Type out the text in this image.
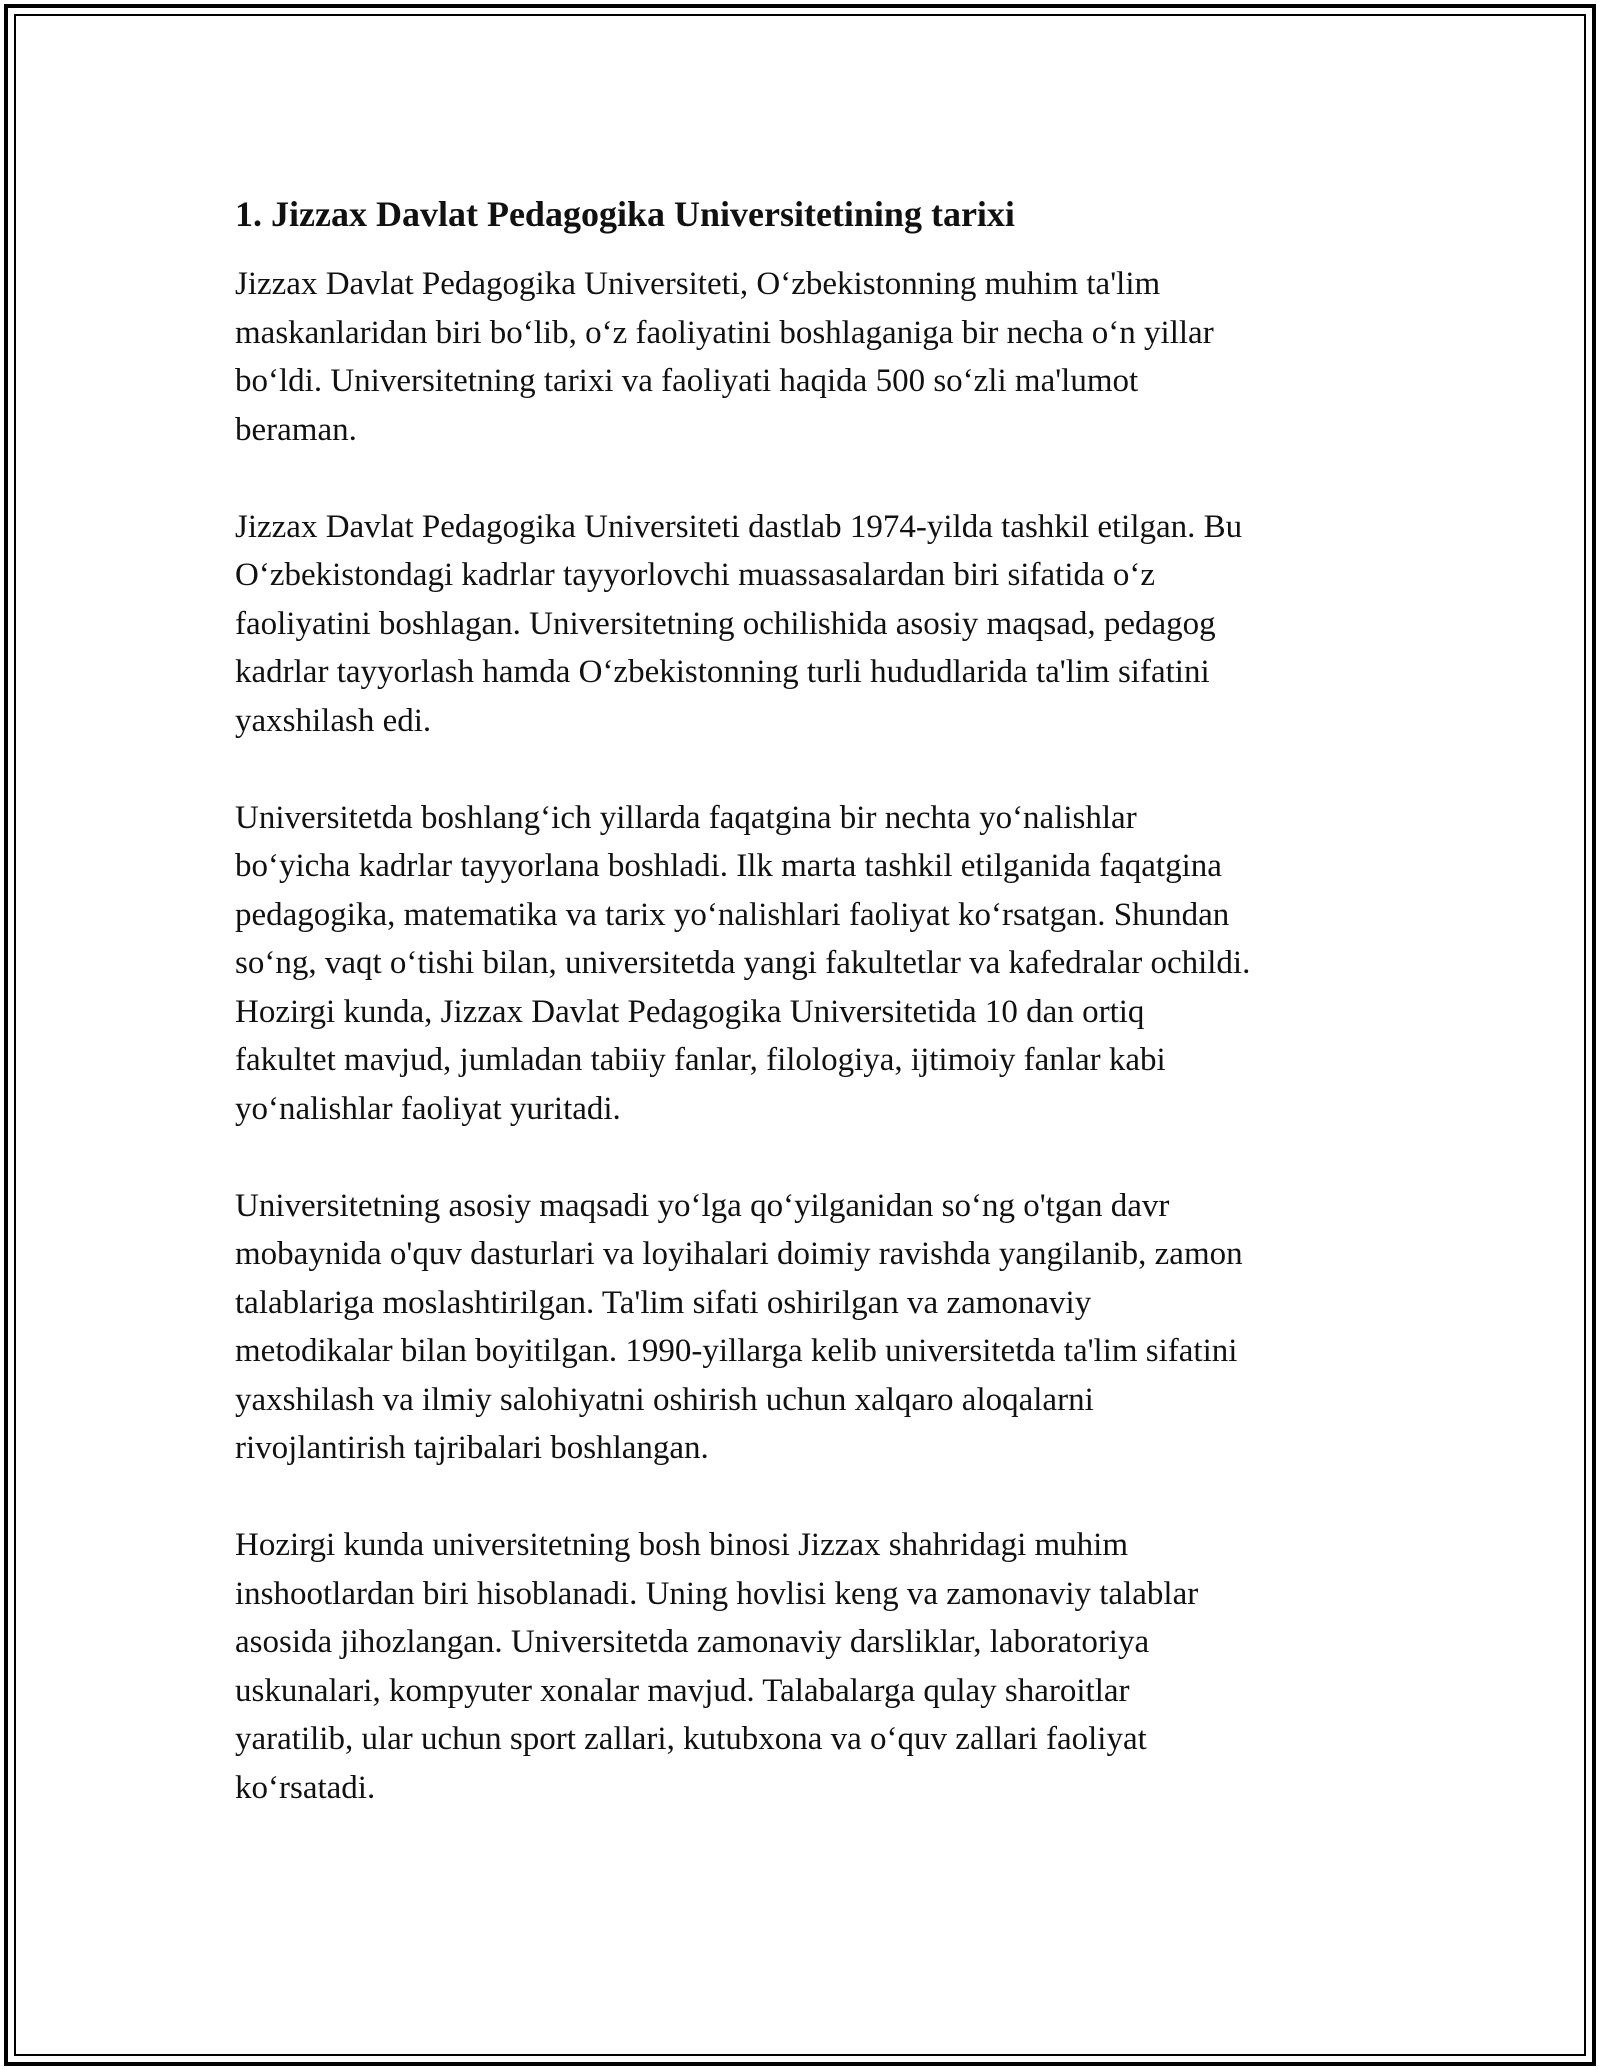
1. Jizzax Davlat Pedagogika Universitetining tarixi

Jizzax Davlat Pedagogika Universiteti, O‘zbekistonning muhim ta'lim
maskanlaridan biri bo‘lib, o‘z faoliyatini boshlaganiga bir necha o‘n yillar
bo‘ldi. Universitetning tarixi va faoliyati haqida 500 so‘zli ma'lumot
beraman.

Jizzax Davlat Pedagogika Universiteti dastlab 1974-yilda tashkil etilgan. Bu
O‘zbekistondagi kadrlar tayyorlovchi muassasalardan biri sifatida o‘z
faoliyatini boshlagan. Universitetning ochilishida asosiy maqsad, pedagog
kadrlar tayyorlash hamda O‘zbekistonning turli hududlarida ta'lim sifatini
yaxshilash edi.

Universitetda boshlang‘ich yillarda faqatgina bir nechta yo‘nalishlar
bo‘yicha kadrlar tayyorlana boshladi. Ilk marta tashkil etilganida faqatgina
pedagogika, matematika va tarix yo‘nalishlari faoliyat ko‘rsatgan. Shundan
so‘ng, vaqt o‘tishi bilan, universitetda yangi fakultetlar va kafedralar ochildi.
Hozirgi kunda, Jizzax Davlat Pedagogika Universitetida 10 dan ortiq
fakultet mavjud, jumladan tabiiy fanlar, filologiya, ijtimoiy fanlar kabi
yo‘nalishlar faoliyat yuritadi.

Universitetning asosiy maqsadi yo‘lga qo‘yilganidan so‘ng o'tgan davr
mobaynida o'quv dasturlari va loyihalari doimiy ravishda yangilanib, zamon
talablariga moslashtirilgan. Ta'lim sifati oshirilgan va zamonaviy
metodikalar bilan boyitilgan. 1990-yillarga kelib universitetda ta'lim sifatini
yaxshilash va ilmiy salohiyatni oshirish uchun xalqaro aloqalarni
rivojlantirish tajribalari boshlangan.

Hozirgi kunda universitetning bosh binosi Jizzax shahridagi muhim
inshootlardan biri hisoblanadi. Uning hovlisi keng va zamonaviy talablar
asosida jihozlangan. Universitetda zamonaviy darsliklar, laboratoriya
uskunalari, kompyuter xonalar mavjud. Talabalarga qulay sharoitlar
yaratilib, ular uchun sport zallari, kutubxona va o‘quv zallari faoliyat
ko‘rsatadi.
